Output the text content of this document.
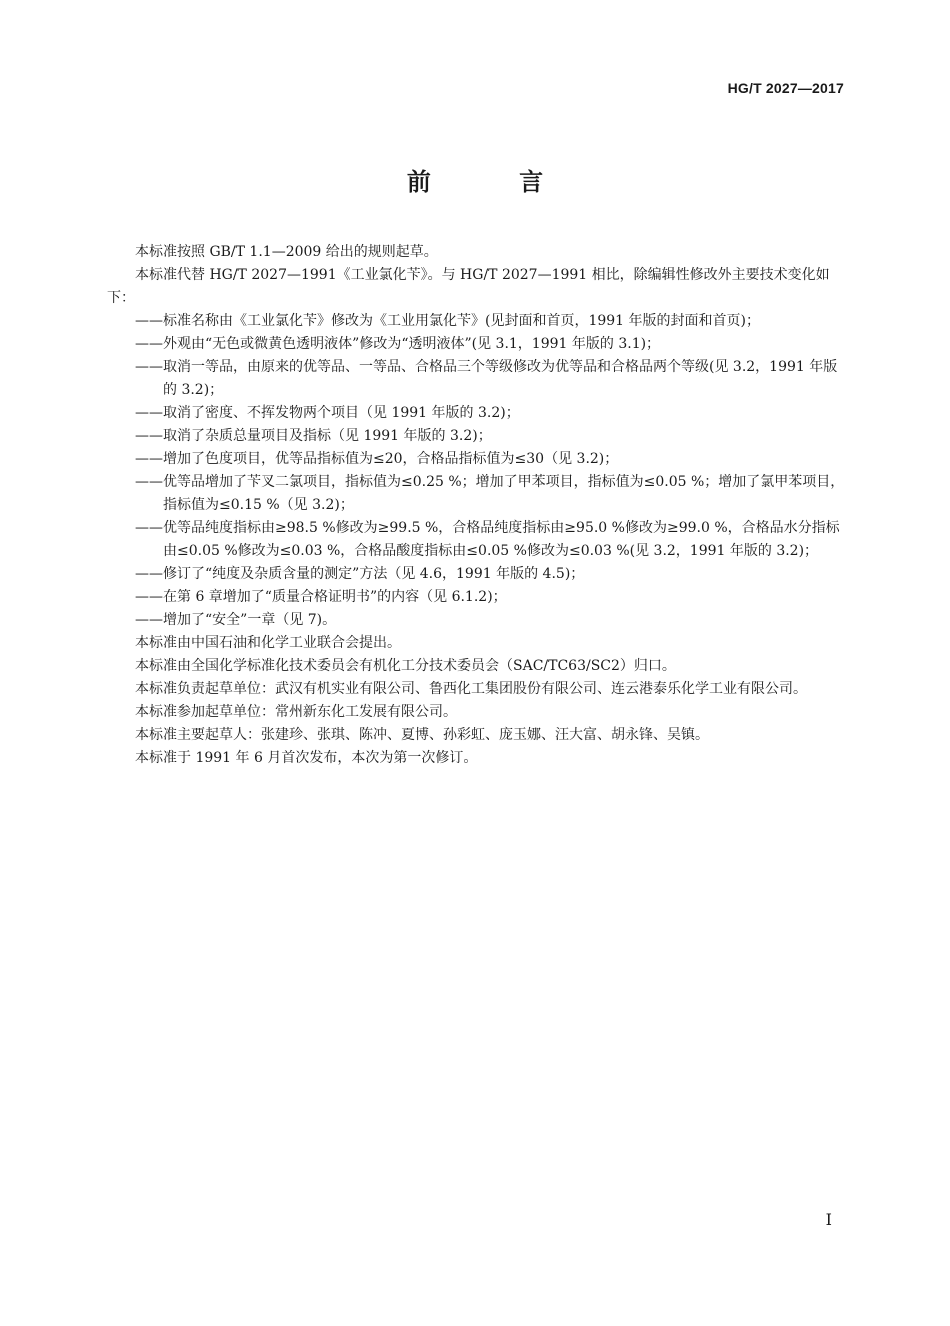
HG/T 2027—2017
前 言

本标准按照 GB/T 1.1—2009 给出的规则起草。

本标准代替 HG/T 2027—1991《工业氯化苄》。与 HG/T 2027—1991 相比，除编辑性修改外主要技术变化如下：

——标准名称由《工业氯化苄》修改为《工业用氯化苄》(见封面和首页，1991 年版的封面和首页)；

——外观由“无色或微黄色透明液体”修改为“透明液体”(见 3.1，1991 年版的 3.1)；

——取消一等品，由原来的优等品、一等品、合格品三个等级修改为优等品和合格品两个等级(见 3.2，1991 年版的 3.2)；

——取消了密度、不挥发物两个项目（见 1991 年版的 3.2)；

——取消了杂质总量项目及指标（见 1991 年版的 3.2)；

——增加了色度项目，优等品指标值为≤20，合格品指标值为≤30（见 3.2)；

——优等品增加了苄叉二氯项目，指标值为≤0.25 %；增加了甲苯项目，指标值为≤0.05 %；增加了氯甲苯项目，指标值为≤0.15 %（见 3.2)；

——优等品纯度指标由≥98.5 %修改为≥99.5 %，合格品纯度指标由≥95.0 %修改为≥99.0 %，合格品水分指标由≤0.05 %修改为≤0.03 %，合格品酸度指标由≤0.05 %修改为≤0.03 %(见 3.2，1991 年版的 3.2)；

——修订了“纯度及杂质含量的测定”方法（见 4.6，1991 年版的 4.5)；

——在第 6 章增加了“质量合格证明书”的内容（见 6.1.2)；

——增加了“安全”一章（见 7)。

本标准由中国石油和化学工业联合会提出。

本标准由全国化学标准化技术委员会有机化工分技术委员会（SAC/TC63/SC2）归口。

本标准负责起草单位：武汉有机实业有限公司、鲁西化工集团股份有限公司、连云港泰乐化学工业有限公司。

本标准参加起草单位：常州新东化工发展有限公司。

本标准主要起草人：张建珍、张琪、陈冲、夏博、孙彩虹、庞玉娜、汪大富、胡永锋、吴镇。

本标准于 1991 年 6 月首次发布，本次为第一次修订。

I
